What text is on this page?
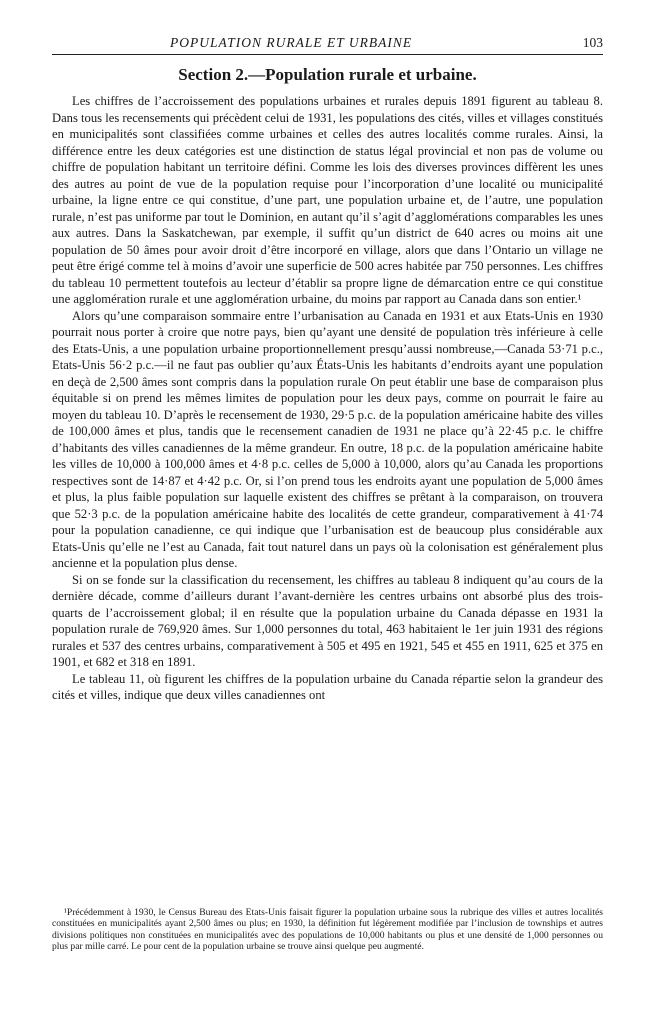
POPULATION RURALE ET URBAINE	103
Section 2.—Population rurale et urbaine.

Les chiffres de l’accroissement des populations urbaines et rurales depuis 1891 figurent au tableau 8. Dans tous les recensements qui précèdent celui de 1931, les populations des cités, villes et villages constitués en municipalités sont classifiées comme urbaines et celles des autres localités comme rurales. Ainsi, la différence entre les deux catégories est une distinction de status légal provincial et non pas de volume ou chiffre de population habitant un territoire défini. Comme les lois des diverses provinces diffèrent les unes des autres au point de vue de la population requise pour l’incorporation d’une localité ou municipalité urbaine, la ligne entre ce qui constitue, d’une part, une population urbaine et, de l’autre, une population rurale, n’est pas uniforme par tout le Dominion, en autant qu’il s’agit d’agglomérations comparables les unes aux autres. Dans la Saskatchewan, par exemple, il suffit qu’un district de 640 acres ou moins ait une population de 50 âmes pour avoir droit d’être incorporé en village, alors que dans l’Ontario un village ne peut être érigé comme tel à moins d’avoir une superficie de 500 acres habitée par 750 personnes. Les chiffres du tableau 10 permettent toutefois au lecteur d’établir sa propre ligne de démarcation entre ce qui constitue une agglomération rurale et une agglomération urbaine, du moins par rapport au Canada dans son entier.¹

Alors qu’une comparaison sommaire entre l’urbanisation au Canada en 1931 et aux Etats-Unis en 1930 pourrait nous porter à croire que notre pays, bien qu’ayant une densité de population très inférieure à celle des Etats-Unis, a une population urbaine proportionnellement presqu’aussi nombreuse,—Canada 53·71 p.c., Etats-Unis 56·2 p.c.—il ne faut pas oublier qu’aux États-Unis les habitants d’endroits ayant une population en deçà de 2,500 âmes sont compris dans la population rurale On peut établir une base de comparaison plus équitable si on prend les mêmes limites de population pour les deux pays, comme on pourrait le faire au moyen du tableau 10. D’après le recensement de 1930, 29·5 p.c. de la population américaine habite des villes de 100,000 âmes et plus, tandis que le recensement canadien de 1931 ne place qu’à 22·45 p.c. le chiffre d’habitants des villes canadiennes de la même grandeur. En outre, 18 p.c. de la population américaine habite les villes de 10,000 à 100,000 âmes et 4·8 p.c. celles de 5,000 à 10,000, alors qu’au Canada les proportions respectives sont de 14·87 et 4·42 p.c. Or, si l’on prend tous les endroits ayant une population de 5,000 âmes et plus, la plus faible population sur laquelle existent des chiffres se prêtant à la comparaison, on trouvera que 52·3 p.c. de la population américaine habite des localités de cette grandeur, comparativement à 41·74 pour la population canadienne, ce qui indique que l’urbanisation est de beaucoup plus considérable aux Etats-Unis qu’elle ne l’est au Canada, fait tout naturel dans un pays où la colonisation est généralement plus ancienne et la population plus dense.

Si on se fonde sur la classification du recensement, les chiffres au tableau 8 indiquent qu’au cours de la dernière décade, comme d’ailleurs durant l’avant-dernière les centres urbains ont absorbé plus des trois-quarts de l’accroissement global; il en résulte que la population urbaine du Canada dépasse en 1931 la population rurale de 769,920 âmes. Sur 1,000 personnes du total, 463 habitaient le 1er juin 1931 des régions rurales et 537 des centres urbains, comparativement à 505 et 495 en 1921, 545 et 455 en 1911, 625 et 375 en 1901, et 682 et 318 en 1891.

Le tableau 11, où figurent les chiffres de la population urbaine du Canada répartie selon la grandeur des cités et villes, indique que deux villes canadiennes ont

¹Précédemment à 1930, le Census Bureau des Etats-Unis faisait figurer la population urbaine sous la rubrique des villes et autres localités constituées en municipalités ayant 2,500 âmes ou plus; en 1930, la définition fut légèrement modifiée par l’inclusion de townships et autres divisions politiques non constituées en municipalités avec des populations de 10,000 habitants ou plus et une densité de 1,000 personnes ou plus par mille carré. Le pour cent de la population urbaine se trouve ainsi quelque peu augmenté.
